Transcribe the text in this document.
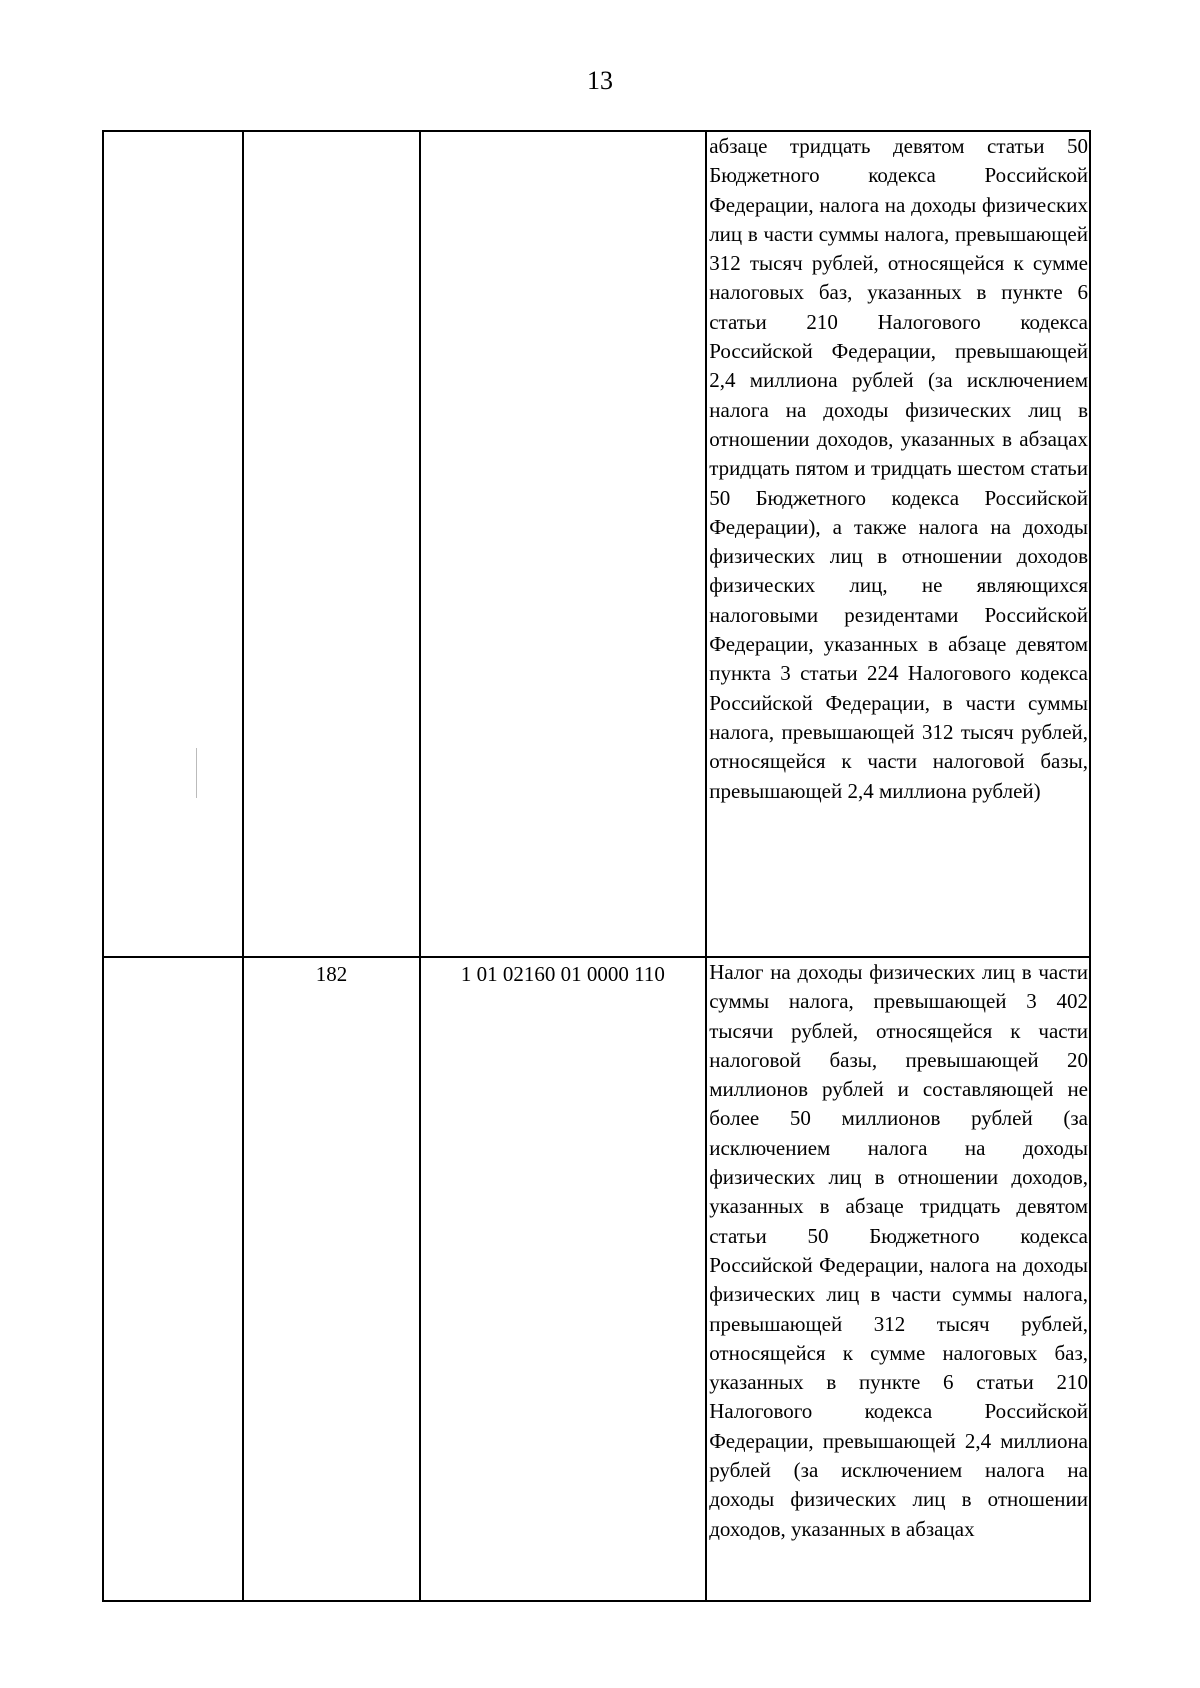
13

			абзаце тридцать девятом статьи 50 Бюджетного кодекса Российской Федерации, налога на доходы физических лиц в части суммы налога, превышающей 312 тысяч рублей, относящейся к сумме налоговых баз, указанных в пункте 6 статьи 210 Налогового кодекса Российской Федерации, превышающей 2,4 миллиона рублей (за исключением налога на доходы физических лиц в отношении доходов, указанных в абзацах тридцать пятом и тридцать шестом статьи 50 Бюджетного кодекса Российской Федерации), а также налога на доходы физических лиц в отношении доходов физических лиц, не являющихся налоговыми резидентами Российской Федерации, указанных в абзаце девятом пункта 3 статьи 224 Налогового кодекса Российской Федерации, в части суммы налога, превышающей 312 тысяч рублей, относящейся к части налоговой базы, превышающей 2,4 миллиона рублей)

	182	1 01 02160 01 0000 110	Налог на доходы физических лиц в части суммы налога, превышающей 3 402 тысячи рублей, относящейся к части налоговой базы, превышающей 20 миллионов рублей и составляющей не более 50 миллионов рублей (за исключением налога на доходы физических лиц в отношении доходов, указанных в абзаце тридцать девятом статьи 50 Бюджетного кодекса Российской Федерации, налога на доходы физических лиц в части суммы налога, превышающей 312 тысяч рублей, относящейся к сумме налоговых баз, указанных в пункте 6 статьи 210 Налогового кодекса Российской Федерации, превышающей 2,4 миллиона рублей (за исключением налога на доходы физических лиц в отношении доходов, указанных в абзацах
